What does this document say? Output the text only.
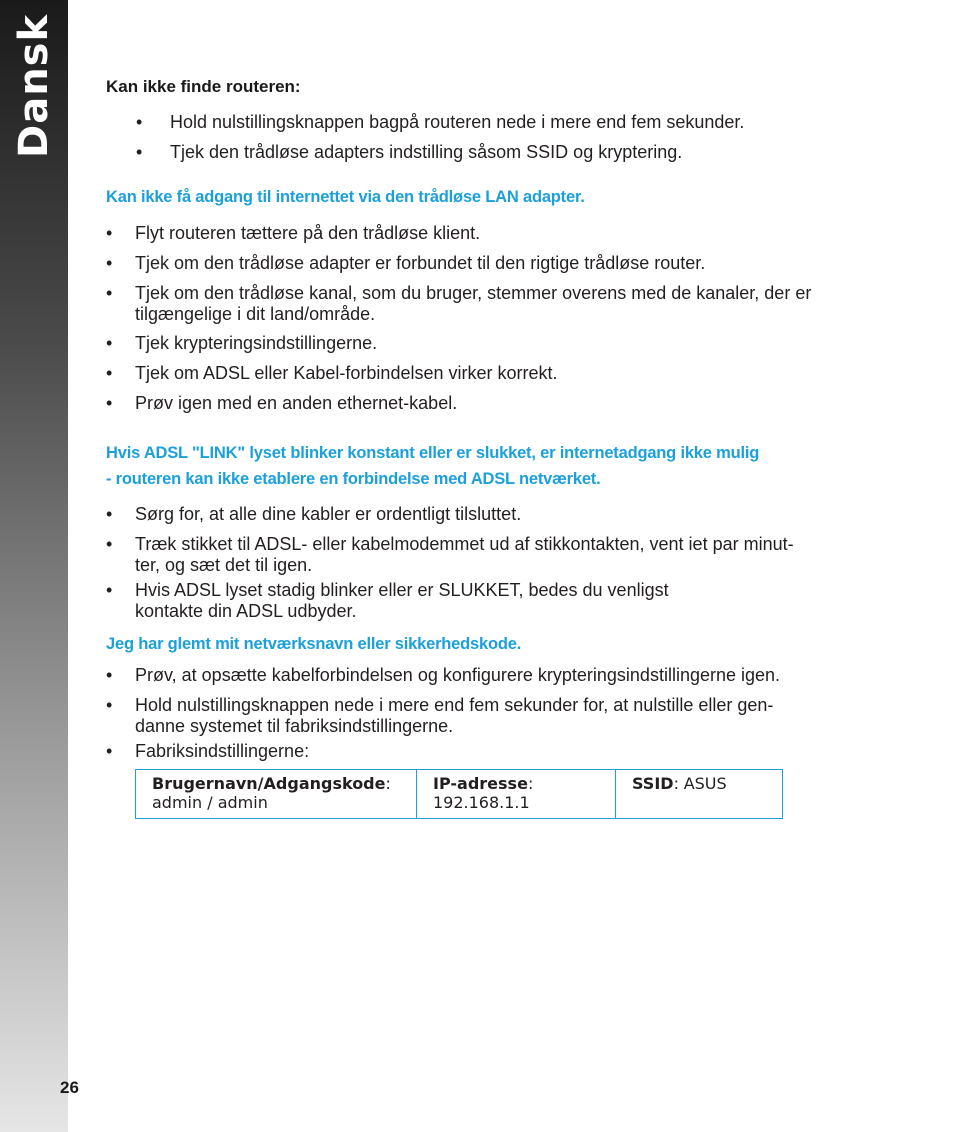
Dansk	Kan ikke finde routeren:
• Hold nulstillingsknappen bagpå routeren nede i mere end fem sekunder.
• Tjek den trådløse adapters indstilling såsom SSID og kryptering.
Kan ikke få adgang til internettet via den trådløse LAN adapter.
• Flyt routeren tættere på den trådløse klient.
• Tjek om den trådløse adapter er forbundet til den rigtige trådløse router.
• Tjek om den trådløse kanal, som du bruger, stemmer overens med de kanaler, der er
tilgængelige i dit land/område.
• Tjek krypteringsindstillingerne.
• Tjek om ADSL eller Kabel-forbindelsen virker korrekt.
• Prøv igen med en anden ethernet-kabel.
Hvis ADSL "LINK" lyset blinker konstant eller er slukket, er internetadgang ikke mulig
- routeren kan ikke etablere en forbindelse med ADSL netværket.
• Sørg for, at alle dine kabler er ordentligt tilsluttet.
• Træk stikket til ADSL- eller kabelmodemmet ud af stikkontakten, vent iet par minut-
ter, og sæt det til igen.
• Hvis ADSL lyset stadig blinker eller er SLUKKET, bedes du venligst
kontakte din ADSL udbyder.
Jeg har glemt mit netværksnavn eller sikkerhedskode.
• Prøv, at opsætte kabelforbindelsen og konfigurere krypteringsindstillingerne igen.
• Hold nulstillingsknappen nede i mere end fem sekunder for, at nulstille eller gen-
danne systemet til fabriksindstillingerne.
• Fabriksindstillingerne:
Brugernavn/Adgangskode:
admin / admin
IP-adresse:
192.168.1.1
SSID: ASUS
26
